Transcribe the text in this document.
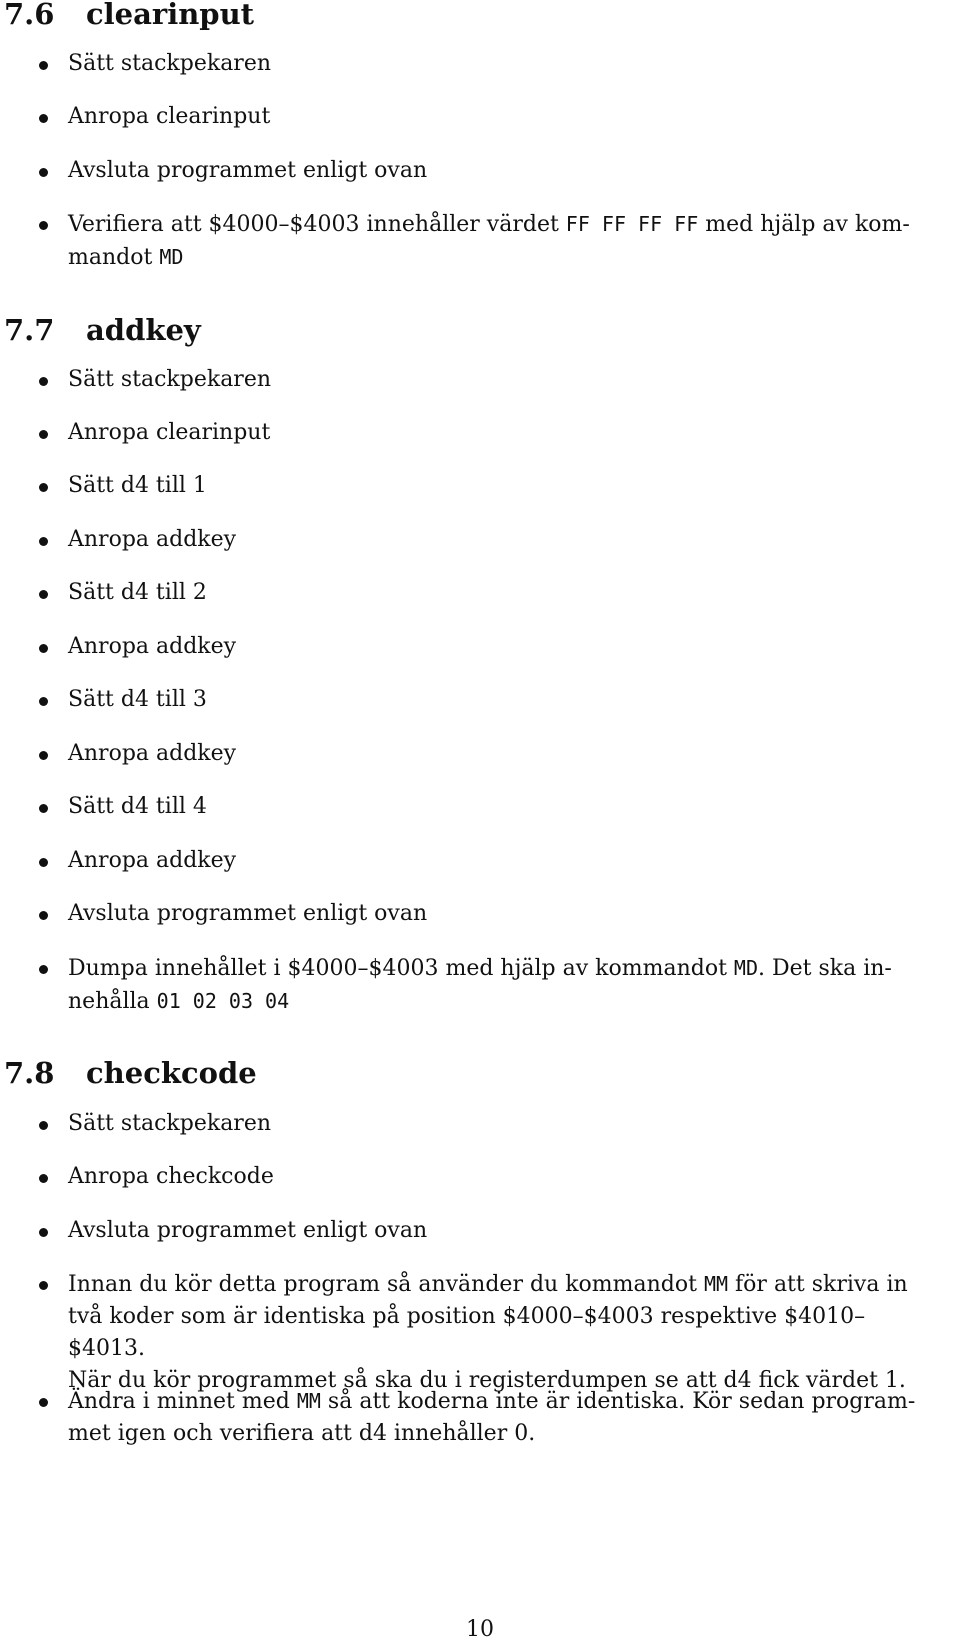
7.6 clearinput
Sätt stackpekaren
Anropa clearinput
Avsluta programmet enligt ovan
Verifiera att $4000–$4003 innehåller värdet FF FF FF FF med hjälp av kom-
mandot MD
7.7 addkey
Sätt stackpekaren
Anropa clearinput
Sätt d4 till 1
Anropa addkey
Sätt d4 till 2
Anropa addkey
Sätt d4 till 3
Anropa addkey
Sätt d4 till 4
Anropa addkey
Avsluta programmet enligt ovan
Dumpa innehållet i $4000–$4003 med hjälp av kommandot MD. Det ska in-
nehålla 01 02 03 04
7.8 checkcode
Sätt stackpekaren
Anropa checkcode
Avsluta programmet enligt ovan
Innan du kör detta program så använder du kommandot MM för att skriva in
två koder som är identiska på position $4000–$4003 respektive $4010–$4013.
När du kör programmet så ska du i registerdumpen se att d4 fick värdet 1.
Ändra i minnet med MM så att koderna inte är identiska. Kör sedan program-
met igen och verifiera att d4 innehåller 0.
10
